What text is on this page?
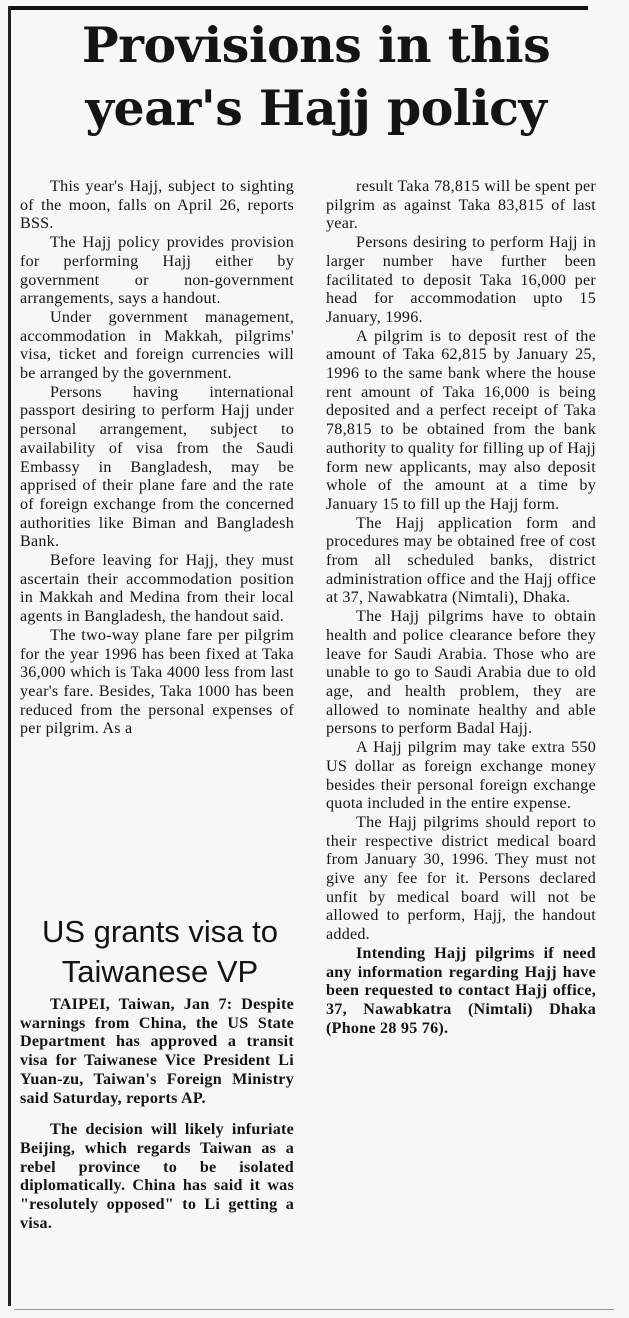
Provisions in this year's Hajj policy

This year's Hajj, subject to sighting of the moon, falls on April 26, reports BSS.

The Hajj policy provides provision for performing Hajj either by government or non-government arrangements, says a handout.

Under government management, accommodation in Makkah, pilgrims' visa, ticket and foreign currencies will be arranged by the government.

Persons having international passport desiring to perform Hajj under personal arrangement, subject to availability of visa from the Saudi Embassy in Bangladesh, may be apprised of their plane fare and the rate of foreign exchange from the concerned authorities like Biman and Bangladesh Bank.

Before leaving for Hajj, they must ascertain their accommodation position in Makkah and Medina from their local agents in Bangladesh, the handout said.

The two-way plane fare per pilgrim for the year 1996 has been fixed at Taka 36,000 which is Taka 4000 less from last year's fare. Besides, Taka 1000 has been reduced from the personal expenses of per pilgrim. As a

result Taka 78,815 will be spent per pilgrim as against Taka 83,815 of last year.

Persons desiring to perform Hajj in larger number have further been facilitated to deposit Taka 16,000 per head for accommodation upto 15 January, 1996.

A pilgrim is to deposit rest of the amount of Taka 62,815 by January 25, 1996 to the same bank where the house rent amount of Taka 16,000 is being deposited and a perfect receipt of Taka 78,815 to be obtained from the bank authority to quality for filling up of Hajj form new applicants, may also deposit whole of the amount at a time by January 15 to fill up the Hajj form.

The Hajj application form and procedures may be obtained free of cost from all scheduled banks, district administration office and the Hajj office at 37, Nawabkatra (Nimtali), Dhaka.

The Hajj pilgrims have to obtain health and police clearance before they leave for Saudi Arabia. Those who are unable to go to Saudi Arabia due to old age, and health problem, they are allowed to nominate healthy and able persons to perform Badal Hajj.

A Hajj pilgrim may take extra 550 US dollar as foreign exchange money besides their personal foreign exchange quota included in the entire expense.

The Hajj pilgrims should report to their respective district medical board from January 30, 1996. They must not give any fee for it. Persons declared unfit by medical board will not be allowed to perform, Hajj, the handout added.

Intending Hajj pilgrims if need any information regarding Hajj have been requested to contact Hajj office, 37, Nawabkatra (Nimtali) Dhaka (Phone 28 95 76).

US grants visa to Taiwanese VP

TAIPEI, Taiwan, Jan 7: Despite warnings from China, the US State Department has approved a transit visa for Taiwanese Vice President Li Yuan-zu, Taiwan's Foreign Ministry said Saturday, reports AP.

The decision will likely infuriate Beijing, which regards Taiwan as a rebel province to be isolated diplomatically. China has said it was "resolutely opposed" to Li getting a visa.
